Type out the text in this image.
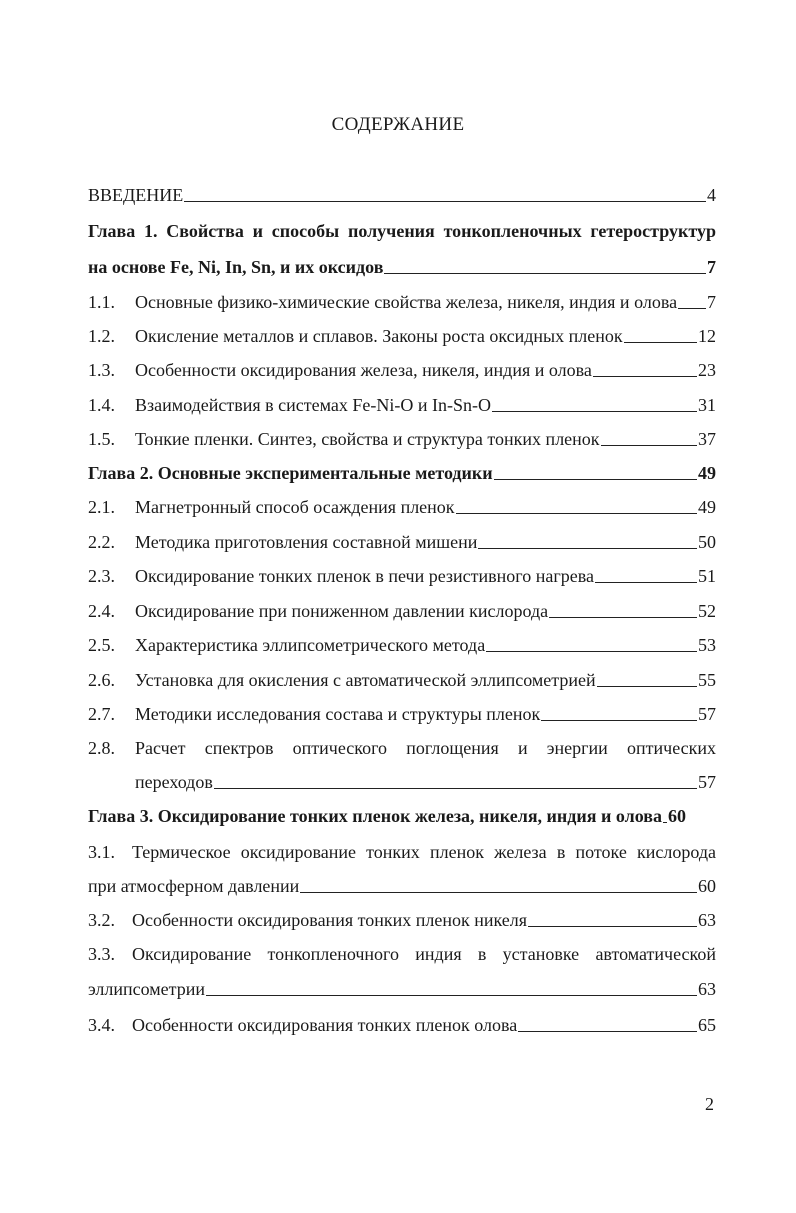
СОДЕРЖАНИЕ
ВВЕДЕНИЕ	4
Глава 1. Свойства и способы получения тонкопленочных гетероструктур
на основе Fe, Ni, In, Sn, и их оксидов	7
1.1.	Основные физико-химические свойства железа, никеля, индия и олова 7
1.2.	Окисление металлов и сплавов. Законы роста оксидных пленок	12
1.3.	Особенности оксидирования железа, никеля, индия и олова	23
1.4.	Взаимодействия в системах Fe-Ni-O и In-Sn-O	31
1.5.	Тонкие пленки. Синтез, свойства и структура тонких пленок	37
Глава 2. Основные экспериментальные методики	49
2.1.	Магнетронный способ осаждения пленок	49
2.2.	Методика приготовления составной мишени	50
2.3.	Оксидирование тонких пленок в печи резистивного нагрева	51
2.4.	Оксидирование при пониженном давлении кислорода	52
2.5.	Характеристика эллипсометрического метода	53
2.6.	Установка для окисления с автоматической эллипсометрией	55
2.7.	Методики исследования состава и структуры пленок	57
2.8.	Расчет спектров оптического поглощения и энергии оптических
переходов	57
Глава 3. Оксидирование тонких пленок железа, никеля, индия и олова 60
3.1. Термическое оксидирование тонких пленок железа в потоке кислорода
при атмосферном давлении	60
3.2. Особенности оксидирования тонких пленок никеля	63
3.3. Оксидирование тонкопленочного индия в установке автоматической
эллипсометрии	63
3.4. Особенности оксидирования тонких пленок олова	65
2
